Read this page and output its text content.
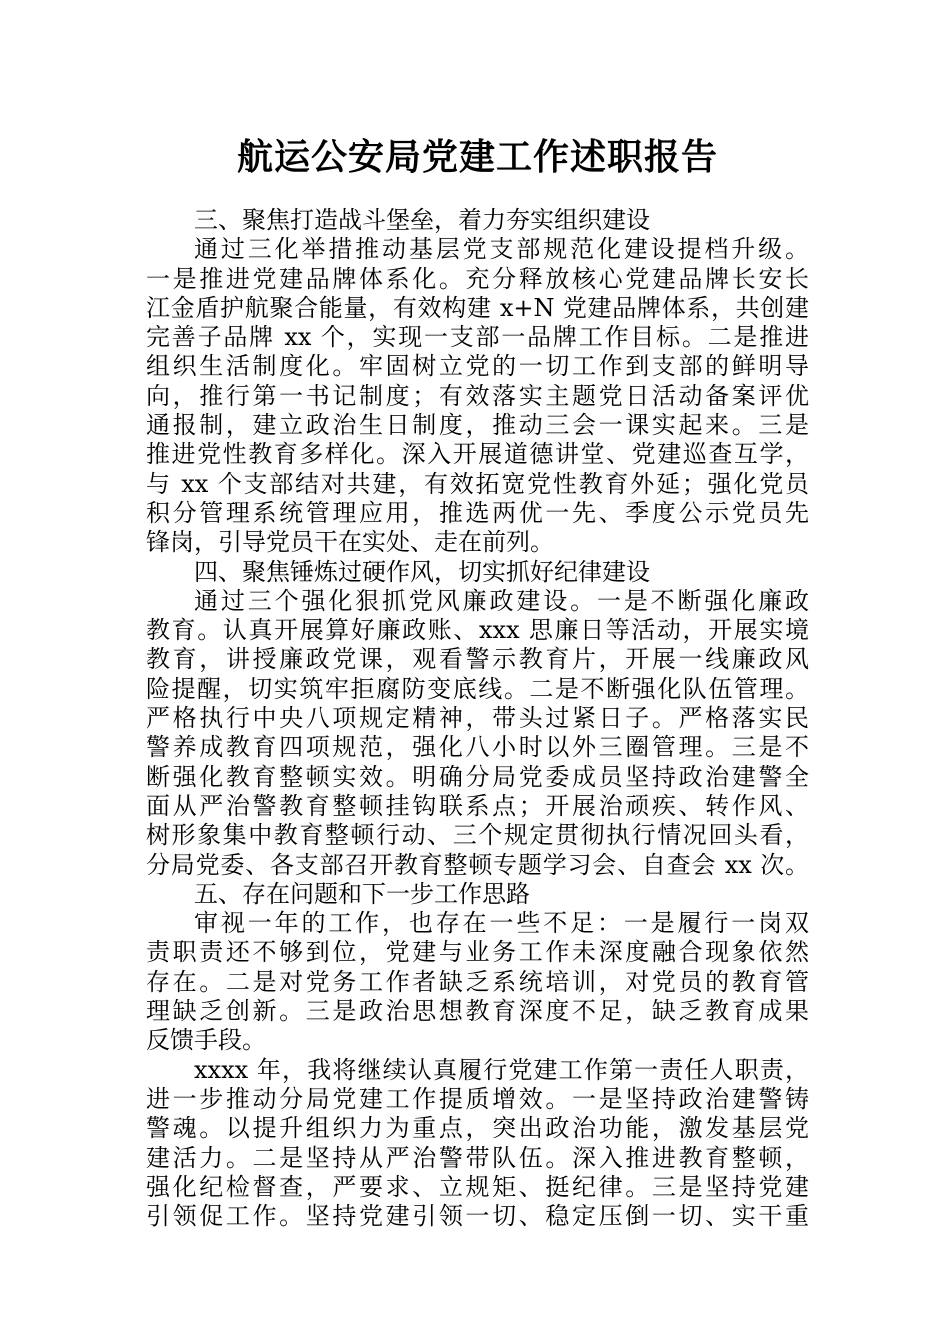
航运公安局党建工作述职报告
三、聚焦打造战斗堡垒，着力夯实组织建设
通过三化举措推动基层党支部规范化建设提档升级。
一是推进党建品牌体系化。充分释放核心党建品牌长安长
江金盾护航聚合能量，有效构建 x+N 党建品牌体系，共创建
完善子品牌 xx 个，实现一支部一品牌工作目标。二是推进
组织生活制度化。牢固树立党的一切工作到支部的鲜明导
向，推行第一书记制度；有效落实主题党日活动备案评优
通报制，建立政治生日制度，推动三会一课实起来。三是
推进党性教育多样化。深入开展道德讲堂、党建巡查互学，
与 xx 个支部结对共建，有效拓宽党性教育外延；强化党员
积分管理系统管理应用，推选两优一先、季度公示党员先
锋岗，引导党员干在实处、走在前列。
四、聚焦锤炼过硬作风，切实抓好纪律建设
通过三个强化狠抓党风廉政建设。一是不断强化廉政
教育。认真开展算好廉政账、xxx 思廉日等活动，开展实境
教育，讲授廉政党课，观看警示教育片，开展一线廉政风
险提醒，切实筑牢拒腐防变底线。二是不断强化队伍管理。
严格执行中央八项规定精神，带头过紧日子。严格落实民
警养成教育四项规范，强化八小时以外三圈管理。三是不
断强化教育整顿实效。明确分局党委成员坚持政治建警全
面从严治警教育整顿挂钩联系点；开展治顽疾、转作风、
树形象集中教育整顿行动、三个规定贯彻执行情况回头看，
分局党委、各支部召开教育整顿专题学习会、自查会 xx 次。
五、存在问题和下一步工作思路
审视一年的工作，也存在一些不足：一是履行一岗双
责职责还不够到位，党建与业务工作未深度融合现象依然
存在。二是对党务工作者缺乏系统培训，对党员的教育管
理缺乏创新。三是政治思想教育深度不足，缺乏教育成果
反馈手段。
xxxx 年，我将继续认真履行党建工作第一责任人职责，
进一步推动分局党建工作提质增效。一是坚持政治建警铸
警魂。以提升组织力为重点，突出政治功能，激发基层党
建活力。二是坚持从严治警带队伍。深入推进教育整顿，
强化纪检督查，严要求、立规矩、挺纪律。三是坚持党建
引领促工作。坚持党建引领一切、稳定压倒一切、实干重
